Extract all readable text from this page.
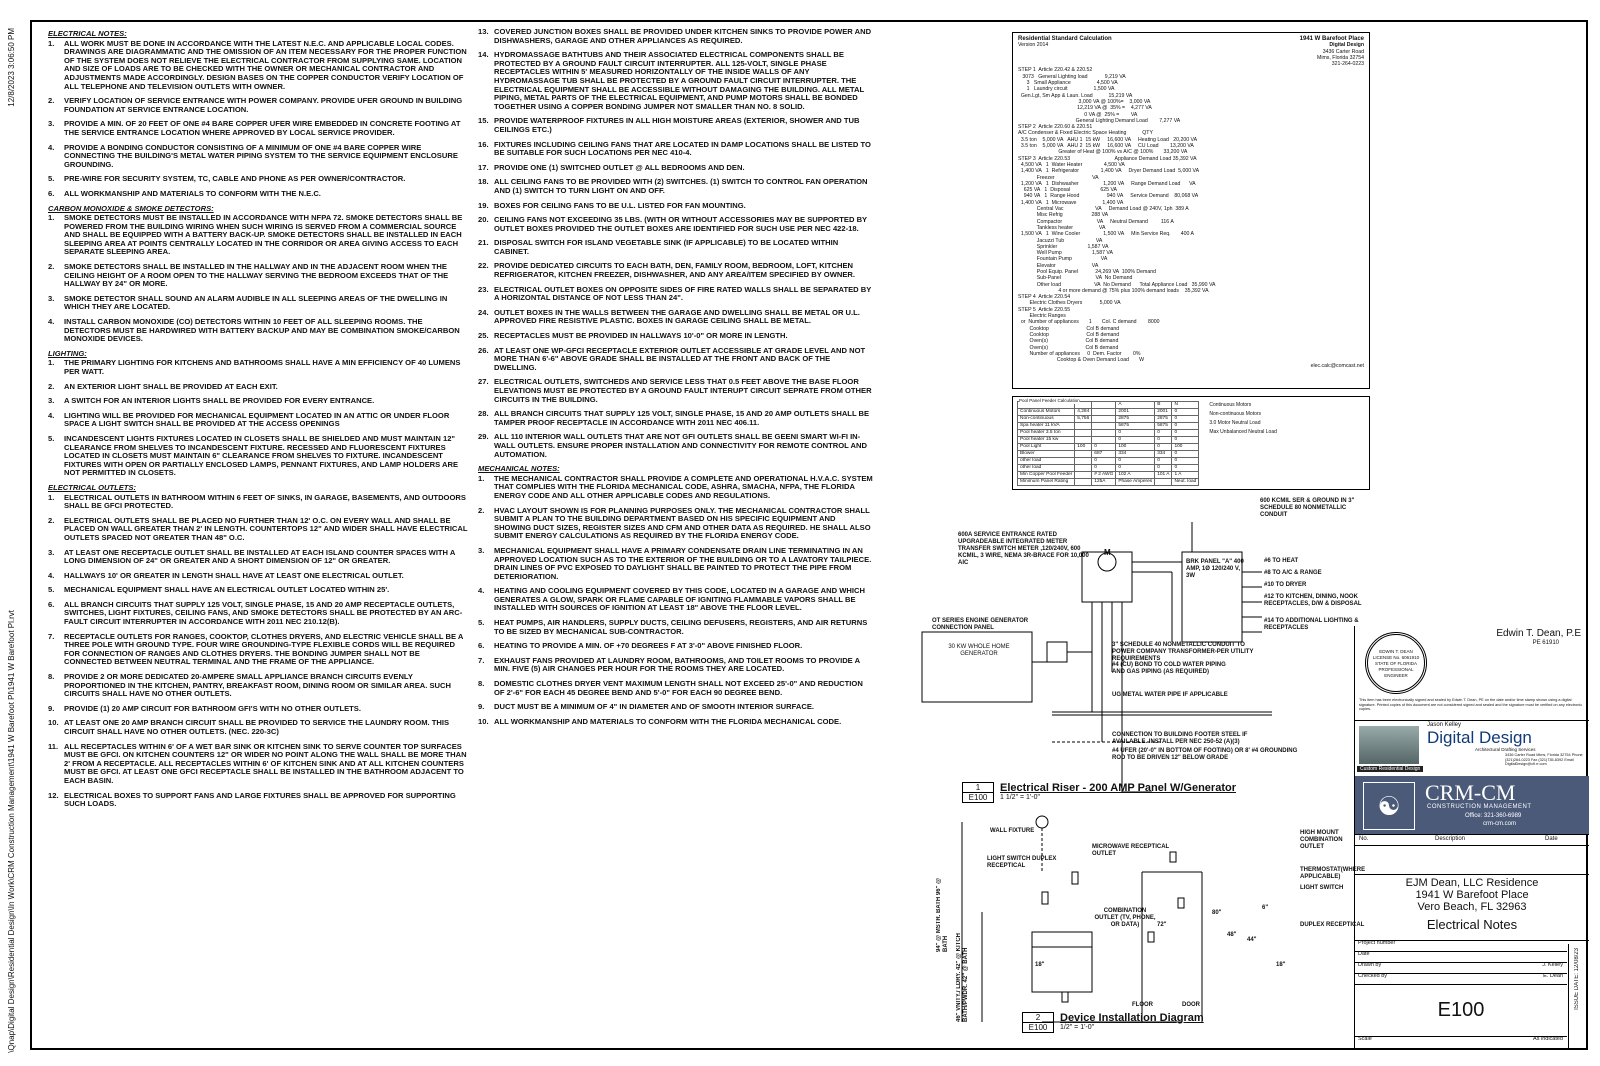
12/8/2023 3:06:50 PM
\Qnap\Digital Design\Residential Design\In Work\CRM Construction Management\1941 W Barefoot Pl\1941 W Barefoot Pl.rvt
ELECTRICAL NOTES:
1.	ALL WORK MUST BE DONE IN ACCORDANCE WITH THE LATEST N.E.C. AND APPLICABLE LOCAL CODES. DRAWINGS ARE DIAGRAMMATIC AND THE OMISSION OF AN ITEM NECESSARY FOR THE PROPER FUNCTION OF THE SYSTEM DOES NOT RELIEVE THE ELECTRICAL CONTRACTOR FROM SUPPLYING SAME. LOCATION AND SIZE OF LOADS ARE TO BE CHECKED WITH THE OWNER OR MECHANICAL CONTRACTOR AND ADJUSTMENTS MADE ACCORDINGLY. DESIGN BASES ON THE COPPER CONDUCTOR VERIFY LOCATION OF ALL TELEPHONE AND TELEVISION OUTLETS WITH OWNER.
2.	VERIFY LOCATION OF SERVICE ENTRANCE WITH POWER COMPANY. PROVIDE UFER GROUND IN BUILDING FOUNDATION AT SERVICE ENTRANCE LOCATION.
3.	PROVIDE A MIN. OF 20 FEET OF ONE #4 BARE COPPER UFER WIRE EMBEDDED IN CONCRETE FOOTING AT THE SERVICE ENTRANCE LOCATION WHERE APPROVED BY LOCAL SERVICE PROVIDER.
4.	PROVIDE A BONDING CONDUCTOR CONSISTING OF A MINIMUM OF ONE #4 BARE COPPER WIRE CONNECTING THE BUILDING'S METAL WATER PIPING SYSTEM TO THE SERVICE EQUIPMENT ENCLOSURE GROUNDING.
5.	PRE-WIRE FOR SECURITY SYSTEM, TC, CABLE AND PHONE AS PER OWNER/CONTRACTOR.
6.	ALL WORKMANSHIP AND MATERIALS TO CONFORM WITH THE N.E.C.
CARBON MONOXIDE & SMOKE DETECTORS:
1.	SMOKE DETECTORS MUST BE INSTALLED IN ACCORDANCE WITH NFPA 72. SMOKE DETECTORS SHALL BE POWERED FROM THE BUILDING WIRING WHEN SUCH WIRING IS SERVED FROM A COMMERCIAL SOURCE AND SHALL BE EQUIPPED WITH A BATTERY BACK-UP. SMOKE DETECTORS SHALL BE INSTALLED IN EACH SLEEPING AREA AT POINTS CENTRALLY LOCATED IN THE CORRIDOR OR AREA GIVING ACCESS TO EACH SEPARATE SLEEPING AREA.
2.	SMOKE DETECTORS SHALL BE INSTALLED IN THE HALLWAY AND IN THE ADJACENT ROOM WHEN THE CEILING HEIGHT OF A ROOM OPEN TO THE HALLWAY SERVING THE BEDROOM EXCEEDS THAT OF THE HALLWAY BY 24" OR MORE.
3.	SMOKE DETECTOR SHALL SOUND AN ALARM AUDIBLE IN ALL SLEEPING AREAS OF THE DWELLING IN WHICH THEY ARE LOCATED.
4.	INSTALL CARBON MONOXIDE (CO) DETECTORS WITHIN 10 FEET OF ALL SLEEPING ROOMS. THE DETECTORS MUST BE HARDWIRED WITH BATTERY BACKUP AND MAY BE COMBINATION SMOKE/CARBON MONOXIDE DEVICES.
LIGHTING:
1.	THE PRIMARY LIGHTING FOR KITCHENS AND BATHROOMS SHALL HAVE A MIN EFFICIENCY OF 40 LUMENS PER WATT.
2.	AN EXTERIOR LIGHT SHALL BE PROVIDED AT EACH EXIT.
3.	A SWITCH FOR AN INTERIOR LIGHTS SHALL BE PROVIDED FOR EVERY ENTRANCE.
4.	LIGHTING WILL BE PROVIDED FOR MECHANICAL EQUIPMENT LOCATED IN AN ATTIC OR UNDER FLOOR SPACE A LIGHT SWITCH SHALL BE PROVIDED AT THE ACCESS OPENINGS
5.	INCANDESCENT LIGHTS FIXTURES LOCATED IN CLOSETS SHALL BE SHIELDED AND MUST MAINTAIN 12" CLEARANCE FROM SHELVES TO INCANDESCENT FIXTURE. RECESSED AND FLUORESCENT FIXTURES LOCATED IN CLOSETS MUST MAINTAIN 6" CLEARANCE FROM SHELVES TO FIXTURE. INCANDESCENT FIXTURES WITH OPEN OR PARTIALLY ENCLOSED LAMPS, PENNANT FIXTURES, AND LAMP HOLDERS ARE NOT PERMITTED IN CLOSETS.
ELECTRICAL OUTLETS:
1.	ELECTRICAL OUTLETS IN BATHROOM WITHIN 6 FEET OF SINKS, IN GARAGE, BASEMENTS, AND OUTDOORS SHALL BE GFCI PROTECTED.
2.	ELECTRICAL OUTLETS SHALL BE PLACED NO FURTHER THAN 12' O.C. ON EVERY WALL AND SHALL BE PLACED ON WALL GREATER THAN 2' IN LENGTH. COUNTERTOPS 12" AND WIDER SHALL HAVE ELECTRICAL OUTLETS SPACED NOT GREATER THAN 48" O.C.
3.	AT LEAST ONE RECEPTACLE OUTLET SHALL BE INSTALLED AT EACH ISLAND COUNTER SPACES WITH A LONG DIMENSION OF 24" OR GREATER AND A SHORT DIMENSION OF 12" OR GREATER.
4.	HALLWAYS 10' OR GREATER IN LENGTH SHALL HAVE AT LEAST ONE ELECTRICAL OUTLET.
5.	MECHANICAL EQUIPMENT SHALL HAVE AN ELECTRICAL OUTLET LOCATED WITHIN 25'.
6.	ALL BRANCH CIRCUITS THAT SUPPLY 125 VOLT, SINGLE PHASE, 15 AND 20 AMP RECEPTACLE OUTLETS, SWITCHES, LIGHT FIXTURES, CEILING FANS, AND SMOKE DETECTORS SHALL BE PROTECTED BY AN ARC-FAULT CIRCUIT INTERRUPTER IN ACCORDANCE WITH 2011 NEC 210.12(B).
7.	RECEPTACLE OUTLETS FOR RANGES, COOKTOP, CLOTHES DRYERS, AND ELECTRIC VEHICLE SHALL BE A THREE POLE WITH GROUND TYPE. FOUR WIRE GROUNDING-TYPE FLEXIBLE CORDS WILL BE REQUIRED FOR CONNECTION OF RANGES AND CLOTHES DRYERS. THE BONDING JUMPER SHALL NOT BE CONNECTED BETWEEN NEUTRAL TERMINAL AND THE FRAME OF THE APPLIANCE.
8.	PROVIDE 2 OR MORE DEDICATED 20-AMPERE SMALL APPLIANCE BRANCH CIRCUITS EVENLY PROPORTIONED IN THE KITCHEN, PANTRY, BREAKFAST ROOM, DINING ROOM OR SIMILAR AREA. SUCH CIRCUITS SHALL HAVE NO OTHER OUTLETS.
9.	PROVIDE (1) 20 AMP CIRCUIT FOR BATHROOM GFI'S WITH NO OTHER OUTLETS.
10. AT LEAST ONE 20 AMP BRANCH CIRCUIT SHALL BE PROVIDED TO SERVICE THE LAUNDRY ROOM. THIS CIRCUIT SHALL HAVE NO OTHER OUTLETS. (NEC. 220-3C)
11. ALL RECEPTACLES WITHIN 6' OF A WET BAR SINK OR KITCHEN SINK TO SERVE COUNTER TOP SURFACES MUST BE GFCI. ON KITCHEN COUNTERS 12" OR WIDER NO POINT ALONG THE WALL SHALL BE MORE THAN 2' FROM A RECEPTACLE. ALL RECEPTACLES WITHIN 6' OF KITCHEN SINK AND AT ALL KITCHEN COUNTERS MUST BE GFCI. AT LEAST ONE GFCI RECEPTACLE SHALL BE INSTALLED IN THE BATHROOM ADJACENT TO EACH BASIN.
12. ELECTRICAL BOXES TO SUPPORT FANS AND LARGE FIXTURES SHALL BE APPROVED FOR SUPPORTING SUCH LOADS.
13. COVERED JUNCTION BOXES SHALL BE PROVIDED UNDER KITCHEN SINKS TO PROVIDE POWER AND DISHWASHERS, GARAGE AND OTHER APPLIANCES AS REQUIRED.
14. HYDROMASSAGE BATHTUBS AND THEIR ASSOCIATED ELECTRICAL COMPONENTS SHALL BE PROTECTED BY A GROUND FAULT CIRCUIT INTERRUPTER. ALL 125-VOLT, SINGLE PHASE RECEPTACLES WITHIN 5' MEASURED HORIZONTALLY OF THE INSIDE WALLS OF ANY HYDROMASSAGE TUB SHALL BE PROTECTED BY A GROUND FAULT CIRCUIT INTERRUPTER. THE ELECTRICAL EQUIPMENT SHALL BE ACCESSIBLE WITHOUT DAMAGING THE BUILDING. ALL METAL PIPING, METAL PARTS OF THE ELECTRICAL EQUIPMENT, AND PUMP MOTORS SHALL BE BONDED TOGETHER USING A COPPER BONDING JUMPER NOT SMALLER THAN NO. 8 SOLID.
15. PROVIDE WATERPROOF FIXTURES IN ALL HIGH MOISTURE AREAS (EXTERIOR, SHOWER AND TUB CEILINGS ETC.)
16. FIXTURES INCLUDING CEILING FANS THAT ARE LOCATED IN DAMP LOCATIONS SHALL BE LISTED TO BE SUITABLE FOR SUCH LOCATIONS PER NEC 410-4.
17. PROVIDE ONE (1) SWITCHED OUTLET @ ALL BEDROOMS AND DEN.
18. ALL CEILING FANS TO BE PROVIDED WITH (2) SWITCHES. (1) SWITCH TO CONTROL FAN OPERATION AND (1) SWITCH TO TURN LIGHT ON AND OFF.
19. BOXES FOR CEILING FANS TO BE U.L. LISTED FOR FAN MOUNTING.
20. CEILING FANS NOT EXCEEDING 35 LBS. (WITH OR WITHOUT ACCESSORIES MAY BE SUPPORTED BY OUTLET BOXES PROVIDED THE OUTLET BOXES ARE IDENTIFIED FOR SUCH USE PER NEC 422-18.
21. DISPOSAL SWITCH FOR ISLAND VEGETABLE SINK (IF APPLICABLE) TO BE LOCATED WITHIN CABINET.
22. PROVIDE DEDICATED CIRCUITS TO EACH BATH, DEN, FAMILY ROOM, BEDROOM, LOFT, KITCHEN REFRIGERATOR, KITCHEN FREEZER, DISHWASHER, AND ANY AREA/ITEM SPECIFIED BY OWNER.
23. ELECTRICAL OUTLET BOXES ON OPPOSITE SIDES OF FIRE RATED WALLS SHALL BE SEPARATED BY A HORIZONTAL DISTANCE OF NOT LESS THAN 24".
24. OUTLET BOXES IN THE WALLS BETWEEN THE GARAGE AND DWELLING SHALL BE METAL OR U.L. APPROVED FIRE RESISTIVE PLASTIC. BOXES IN GARAGE CEILING SHALL BE METAL.
25. RECEPTACLES MUST BE PROVIDED IN HALLWAYS 10'-0" OR MORE IN LENGTH.
26. AT LEAST ONE WP-GFCI RECEPTACLE EXTERIOR OUTLET ACCESSIBLE AT GRADE LEVEL AND NOT MORE THAN 6'-6" ABOVE GRADE SHALL BE INSTALLED AT THE FRONT AND BACK OF THE DWELLING.
27. ELECTRICAL OUTLETS, SWITCHEDS AND SERVICE LESS THAT 0.5 FEET ABOVE THE BASE FLOOR ELEVATIONS MUST BE PROTECTED BY A GROUND FAULT INTERUPT CIRCUIT SEPRATE FROM OTHER CIRCUITS IN THE BUILDING.
28. ALL BRANCH CIRCUITS THAT SUPPLY 125 VOLT, SINGLE PHASE, 15 AND 20 AMP OUTLETS SHALL BE TAMPER PROOF RECEPTACLE IN ACCORDANCE WITH 2011 NEC 406.11.
29. ALL 110 INTERIOR WALL OUTLETS THAT ARE NOT GFI OUTLETS SHALL BE GEENI SMART WI-FI IN-WALL OUTLETS. ENSURE PROPER INSTALLATION AND CONNECTIVITY FOR REMOTE CONTROL AND AUTOMATION.
MECHANICAL NOTES:
1.	THE MECHANICAL CONTRACTOR SHALL PROVIDE A COMPLETE AND OPERATIONAL H.V.A.C. SYSTEM THAT COMPLIES WITH THE FLORIDA MECHANICAL CODE, ASHRA, SMACHA, NFPA, THE FLORIDA ENERGY CODE AND ALL OTHER APPLICABLE CODES AND REGULATIONS.
2.	HVAC LAYOUT SHOWN IS FOR PLANNING PURPOSES ONLY. THE MECHANICAL CONTRACTOR SHALL SUBMIT A PLAN TO THE BUILDING DEPARTMENT BASED ON HIS SPECIFIC EQUIPMENT AND SHOWING DUCT SIZES, REGISTER SIZES AND CFM AND OTHER DATA AS REQUIRED. HE SHALL ALSO SUBMIT ENERGY CALCULATIONS AS REQUIRED BY THE FLORIDA ENERGY CODE.
3.	MECHANICAL EQUIPMENT SHALL HAVE A PRIMARY CONDENSATE DRAIN LINE TERMINATING IN AN APPROVED LOCATION SUCH AS TO THE EXTERIOR OF THE BUILDING OR TO A LAVATORY TAILPIECE. DRAIN LINES OF PVC EXPOSED TO DAYLIGHT SHALL BE PAINTED TO PROTECT THE PIPE FROM DETERIORATION.
4.	HEATING AND COOLING EQUIPMENT COVERED BY THIS CODE, LOCATED IN A GARAGE AND WHICH GENERATES A GLOW, SPARK OR FLAME CAPABLE OF IGNITING FLAMMABLE VAPORS SHALL BE INSTALLED WITH SOURCES OF IGNITION AT LEAST 18" ABOVE THE FLOOR LEVEL.
5.	HEAT PUMPS, AIR HANDLERS, SUPPLY DUCTS, CEILING DEFUSERS, REGISTERS, AND AIR RETURNS TO BE SIZED BY MECHANICAL SUB-CONTRACTOR.
6.	HEATING TO PROVIDE A MIN. OF +70 DEGREES F AT 3'-0" ABOVE FINISHED FLOOR.
7.	EXHAUST FANS PROVIDED AT LAUNDRY ROOM, BATHROOMS, AND TOILET ROOMS TO PROVIDE A MIN. FIVE (5) AIR CHANGES PER HOUR FOR THE ROOMS THEY ARE LOCATED.
8.	DOMESTIC CLOTHES DRYER VENT MAXIMUM LENGTH SHALL NOT EXCEED 25'-0" AND REDUCTION OF 2'-6" FOR EACH 45 DEGREE BEND AND 5'-0" FOR EACH 90 DEGREE BEND.
9.	DUCT MUST BE A MINIMUM OF 4" IN DIAMETER AND OF SMOOTH INTERIOR SURFACE.
10. ALL WORKMANSHIP AND MATERIALS TO CONFORM WITH THE FLORIDA MECHANICAL CODE.
Residential Standard Calculation	1941 W Barefoot Place
Version 2014	Digital Design
3436 Carter Road
Mims, Florida 32754
321-264-0223
STEP 1  Article 220.42 & 220.52
3073   General Lighting load            9,219 VA
3   Small Appliance                  4,500 VA
1   Laundry circuit                  1,500 VA
Gen.Lgt, Sm App & Laun. Load           15,219 VA
3,000 VA @ 100%=    3,000 VA
12,219 VA @  35% =    4,277 VA
0 VA @  25% =        VA
General Lighting Demand Load        7,277 VA
STEP 2  Article 220.60 & 220.51
A/C Condenser & Fixed Electric Space Heating           QTY
3.5 ton    5,000 VA   AHU 1  15 kW     16,600 VA     Heating Load   20,200 VA
3.5 ton    5,000 VA   AHU 2  15 kW     16,600 VA     CU Load        13,200 VA
Greater of Heat @ 100% vs A/C @ 100%       33,200 VA
STEP 3  Article 220.53                               Appliance Demand Load 35,392 VA
4,500 VA   1  Water Heater               4,500 VA
1,400 VA   1  Refrigerator               1,400 VA     Dryer Demand Load  5,000 VA
Freezer                          VA
1,200 VA   1  Dishwasher                 1,200 VA     Range Demand Load      VA
625 VA   1  Disposal                     625 VA
940 VA   1  Range Hood                   940 VA     Service Demand    80,068 VA
1,400 VA   1  Microwave                  1,400 VA
Central Vac                      VA     Demand Load @ 240V, 1ph  389 A
Misc Refrig                    288 VA
Compactor                        VA     Neutral Demand         116 A
Tankless heater                  VA
1,500 VA   1  Wine Cooler                1,500 VA     Min Service Req.       400 A
Jacuzzi Tub                      VA
Sprinkler                     1,587 VA
Well Pump                     1,587 VA
Fountain Pump                    VA
Elevator                         VA
Pool Equip. Panel            24,269 VA  100% Demand
Sub-Panel                        VA  No Demand
Other load                       VA  No Demand      Total Appliance Load   35,990 VA
4 or more demand @ 75% plus 100% demand loads    35,392 VA
STEP 4  Article 220.54
Electric Clothes Dryers            5,000 VA
STEP 5  Article 220.55
Electric Ranges
or  Number of appliances       1       Col. C demand        8000
Cooktop                          Col B demand
Cooktop                          Col B demand
Oven(s)                          Col B demand
Oven(s)                          Col B demand
Number of appliances     0  Dem. Factor        0%
Cooktop & Oven Demand Load       W
elec.calc@comcast.net
			A	B	N
Continuous Motors	4,284		2001	2001	0
Non-continuous	5,756		2875	2875	0
Spa heater 11 kVA			5875	5875	0
Pool heater 3.5 ton			0	0	0
Pool heater 15 kw			0	0	0
Pool Light	100	0	100	0	100
Blower		687	334	334	0
other load		0	0	0	0
other load		0	0	0	0
Min Copper Pool Feeder		# 2 AWG	102 A	101 A	1 A
Minimum Panel Rating		125A	Phase Amperes		Neut. load
Continuous Motors
Non-continuous Motors
3.0 Motor Neutral Load
Max Unbalanced Neutral Load
Pool Panel Feeder Calculation
600A SERVICE ENTRANCE RATED UPGRADEABLE INTEGRATED METER TRANSFER SWITCH METER ,120/240V, 600 KCMIL, 3 WIRE, NEMA 3R-BRACE FOR 10,000 AIC
M
600 KCMIL SER & GROUND IN 3" SCHEDULE 80 NONMETALLIC CONDUIT
BRK PANEL "A" 400 AMP, 1Ø 120/240 V, 3W
#6 TO HEAT
#8 TO A/C & RANGE
#10 TO DRYER
#12 TO KITCHEN, DINING, NOOK RECEPTACLES, D/W & DISPOSAL
#14 TO ADDITIONAL LIGHTING & RECEPTACLES
OT SERIES ENGINE GENERATOR CONNECTION PANEL
30 KW WHOLE HOME GENERATOR
3" SCHEDULE 40 NONMETALLIC CONDUIT TO POWER COMPANY TRANSFORMER-PER UTILITY REQUIREMENTS
#4 (CU) BOND TO COLD WATER PIPING AND GAS PIPING (AS REQUIRED)
UG METAL WATER PIPE IF APPLICABLE
CONNECTION TO BUILDING FOOTER STEEL IF AVAILABLE. INSTALL PER NEC 250-52 (A)(3)
#4 UFER (20'-0" IN BOTTOM OF FOOTING) OR 8' #4 GROUNDING ROD TO BE DRIVEN 12" BELOW GRADE
1
E100
Electrical Riser - 200 AMP Panel W/Generator
1 1/2" = 1'-0"
WALL FIXTURE
LIGHT SWITCH DUPLEX RECEPTICAL
MICROWAVE RECEPTICAL OUTLET
HIGH MOUNT COMBINATION OUTLET
THERMOSTAT(WHERE APPLICABLE)
LIGHT SWITCH
DUPLEX RECEPTICAL
COMBINATION OUTLET (TV, PHONE, OR DATA)
94" @ MSTR. BATH 96" @ BATH 46" VNITY./ LDRY. 42" @ KITCH BATH/PWDR. 42" @ BATH
72"
80"
48"
44"
6"
18"	18"
FLOOR	DOOR
2
E100
Device Installation Diagram
1/2" = 1'-0"
Edwin T. Dean, P.E
PE 61910
EDWIN T. DEAN LICENSE No. 6061910 STATE OF FLORIDA PROFESSIONAL ENGINEER
This item has been electronically signed and sealed by Edwin T. Dean, PE on the date and/or time stamp shown using a digital signature. Printed copies of this document are not considered signed and sealed and the signature must be verified on any electronic copies.
Jason Kelley
Digital Design
Architectural Drafting Services
3436 Carter Road Mims, Florida 32754 Phone (321)264-0223 Fax (321)735-8392 Email DigitalDesign@cfl.rr.com
Custom Residential Design
☯	CRM-CM
CONSTRUCTION MANAGEMENT
Office: 321-360-6989
crm-cm.com
No.	Description	Date
EJM Dean, LLC Residence
1941 W Barefoot Place
Vero Beach, FL 32963
Electrical Notes
Project number
Date
Drawn by	J. Kelley
Checked by	E. Dean
E100
Scale	As indicated
ISSUE DATE: 12/08/23
